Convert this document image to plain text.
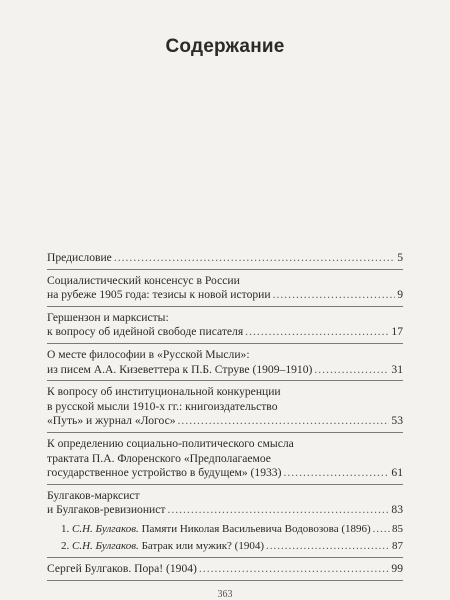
Содержание
Предисловие .....	5
Социалистический консенсус в России
на рубеже 1905 года: тезисы к новой истории .....	9
Гершензон и марксисты:
к вопросу об идейной свободе писателя .....	17
О месте философии в «Русской Мысли»:
из писем А.А. Кизеветтера к П.Б. Струве (1909–1910) .....	31
К вопросу об институциональной конкуренции
в русской мысли 1910-х гг.: книгоиздательство
«Путь» и журнал «Логос» .....	53
К определению социально-политического смысла
трактата П.А. Флоренского «Предполагаемое
государственное устройство в будущем» (1933) .....	61
Булгаков-марксист
и Булгаков-ревизионист .....	83
1. С.Н. Булгаков. Памяти Николая Васильевича Водовозова (1896) ..... 85
2. С.Н. Булгаков. Батрак или мужик? (1904) .....	87
Сергей Булгаков. Пора! (1904) .....	99
363
